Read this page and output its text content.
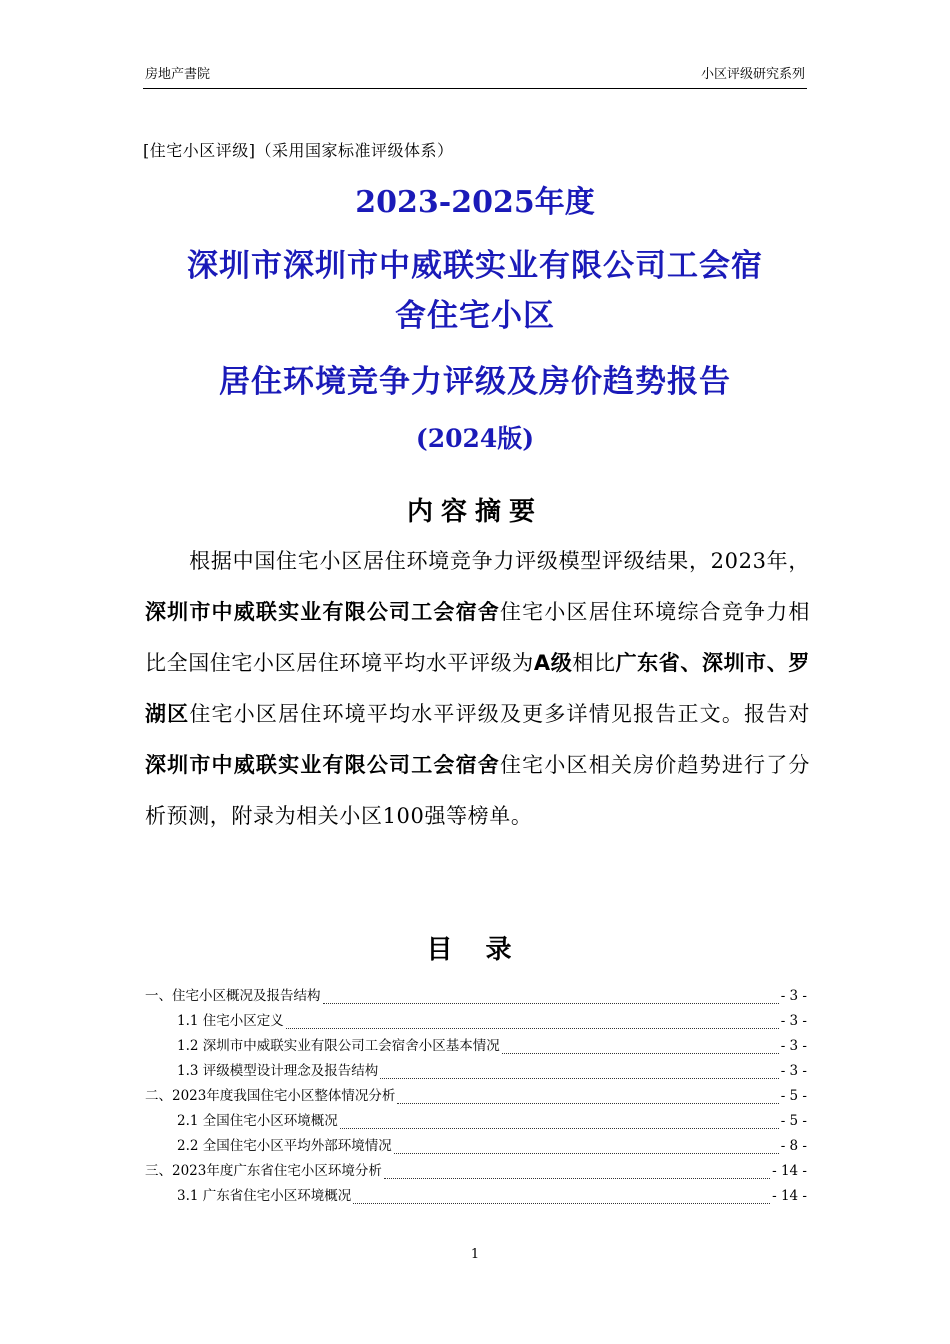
房地产書院	小区评级研究系列
[住宅小区评级]（采用国家标准评级体系）
2023-2025年度
深圳市深圳市中威联实业有限公司工会宿
舍住宅小区
居住环境竞争力评级及房价趋势报告
(2024版)
内容摘要
根据中国住宅小区居住环境竞争力评级模型评级结果，2023年，深圳市中威联实业有限公司工会宿舍住宅小区居住环境综合竞争力相比全国住宅小区居住环境平均水平评级为A级相比广东省、深圳市、罗湖区住宅小区居住环境平均水平评级及更多详情见报告正文。报告对深圳市中威联实业有限公司工会宿舍住宅小区相关房价趋势进行了分析预测，附录为相关小区100强等榜单。
目 录
一、住宅小区概况及报告结构	- 3 -
1.1 住宅小区定义	- 3 -
1.2 深圳市中威联实业有限公司工会宿舍小区基本情况	- 3 -
1.3 评级模型设计理念及报告结构	- 3 -
二、2023年度我国住宅小区整体情况分析	- 5 -
2.1 全国住宅小区环境概况	- 5 -
2.2 全国住宅小区平均外部环境情况	- 8 -
三、2023年度广东省住宅小区环境分析	- 14 -
3.1 广东省住宅小区环境概况	- 14 -
1
